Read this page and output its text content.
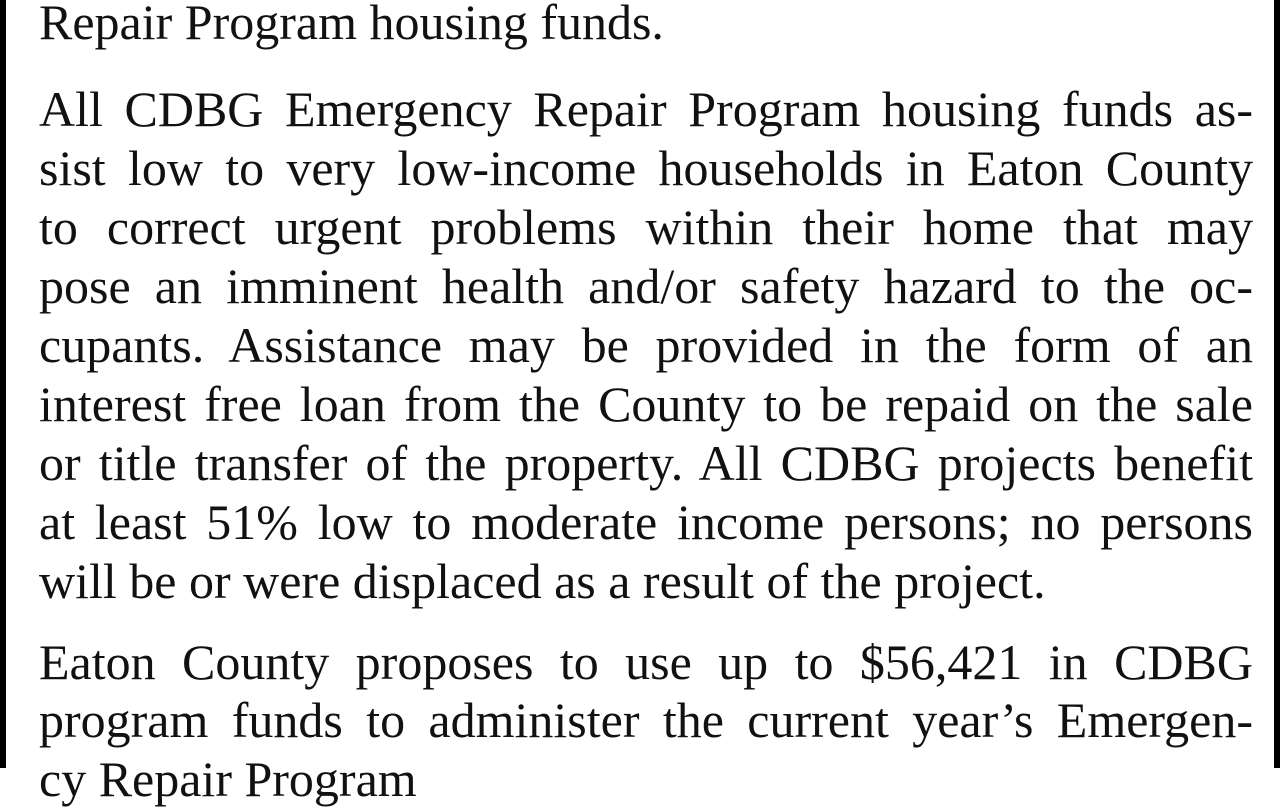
Repair Program housing funds.

All CDBG Emergency Repair Program housing funds as-

sist low to very low-income households in Eaton County

to correct urgent problems within their home that may

pose an imminent health and/or safety hazard to the oc-

cupants. Assistance may be provided in the form of an

interest free loan from the County to be repaid on the sale

or title transfer of the property. All CDBG projects benefit

at least 51% low to moderate income persons; no persons

will be or were displaced as a result of the project.

Eaton County proposes to use up to $56,421 in CDBG

program funds to administer the current year’s Emergen-

cy Repair Program
